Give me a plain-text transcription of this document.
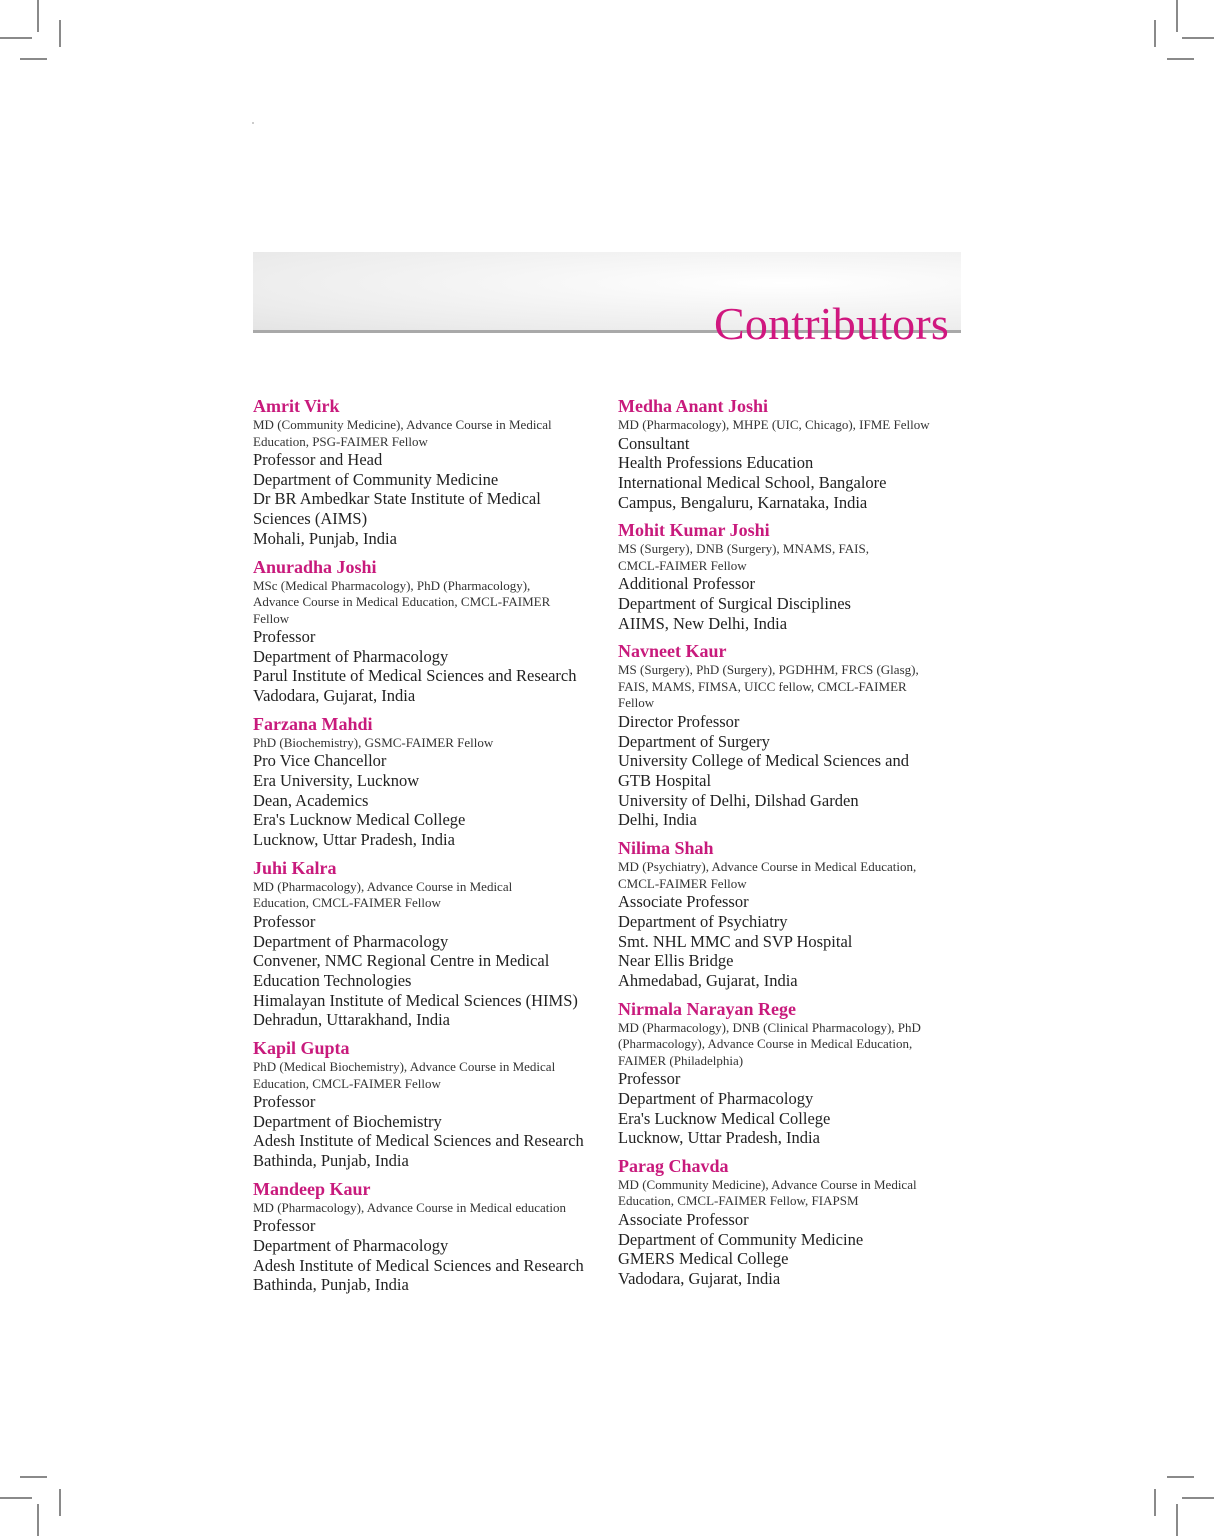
Contributors
Amrit Virk
MD (Community Medicine), Advance Course in Medical
Education, PSG-FAIMER Fellow
Professor and Head
Department of Community Medicine
Dr BR Ambedkar State Institute of Medical
Sciences (AIMS)
Mohali, Punjab, India
Anuradha Joshi
MSc (Medical Pharmacology), PhD (Pharmacology),
Advance Course in Medical Education, CMCL-FAIMER
Fellow
Professor
Department of Pharmacology
Parul Institute of Medical Sciences and Research
Vadodara, Gujarat, India
Farzana Mahdi
PhD (Biochemistry), GSMC-FAIMER Fellow
Pro Vice Chancellor
Era University, Lucknow
Dean, Academics
Era's Lucknow Medical College
Lucknow, Uttar Pradesh, India
Juhi Kalra
MD (Pharmacology), Advance Course in Medical
Education, CMCL-FAIMER Fellow
Professor
Department of Pharmacology
Convener, NMC Regional Centre in Medical
Education Technologies
Himalayan Institute of Medical Sciences (HIMS)
Dehradun, Uttarakhand, India
Kapil Gupta
PhD (Medical Biochemistry), Advance Course in Medical
Education, CMCL-FAIMER Fellow
Professor
Department of Biochemistry
Adesh Institute of Medical Sciences and Research
Bathinda, Punjab, India
Mandeep Kaur
MD (Pharmacology), Advance Course in Medical education
Professor
Department of Pharmacology
Adesh Institute of Medical Sciences and Research
Bathinda, Punjab, India
Medha Anant Joshi
MD (Pharmacology), MHPE (UIC, Chicago), IFME Fellow
Consultant
Health Professions Education
International Medical School, Bangalore
Campus, Bengaluru, Karnataka, India
Mohit Kumar Joshi
MS (Surgery), DNB (Surgery), MNAMS, FAIS,
CMCL-FAIMER Fellow
Additional Professor
Department of Surgical Disciplines
AIIMS, New Delhi, India
Navneet Kaur
MS (Surgery), PhD (Surgery), PGDHHM, FRCS (Glasg),
FAIS, MAMS, FIMSA, UICC fellow, CMCL-FAIMER
Fellow
Director Professor
Department of Surgery
University College of Medical Sciences and
GTB Hospital
University of Delhi, Dilshad Garden
Delhi, India
Nilima Shah
MD (Psychiatry), Advance Course in Medical Education,
CMCL-FAIMER Fellow
Associate Professor
Department of Psychiatry
Smt. NHL MMC and SVP Hospital
Near Ellis Bridge
Ahmedabad, Gujarat, India
Nirmala Narayan Rege
MD (Pharmacology), DNB (Clinical Pharmacology), PhD
(Pharmacology), Advance Course in Medical Education,
FAIMER (Philadelphia)
Professor
Department of Pharmacology
Era's Lucknow Medical College
Lucknow, Uttar Pradesh, India
Parag Chavda
MD (Community Medicine), Advance Course in Medical
Education, CMCL-FAIMER Fellow, FIAPSM
Associate Professor
Department of Community Medicine
GMERS Medical College
Vadodara, Gujarat, India
